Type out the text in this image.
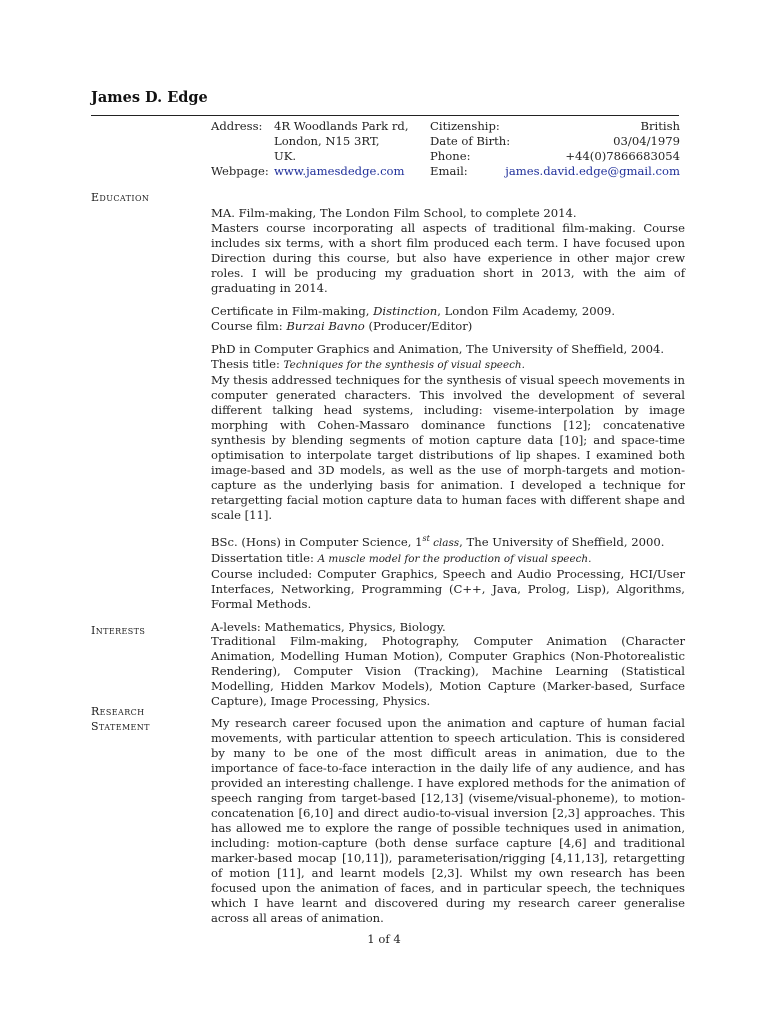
James D. Edge
Address:

Webpage:
4R Woodlands Park rd,
London, N15 3RT,
UK.
www.jamesdedge.com
Citizenship:
Date of Birth:
Phone:
Email:
British
03/04/1979
+44(0)7866683054
james.david.edge@gmail.com
Education

MA. Film-making, The London Film School, to complete 2014.

Masters course incorporating all aspects of traditional film-making. Course includes six terms, with a short film produced each term. I have focused upon Direction during this course, but also have experience in other major crew roles. I will be producing my graduation short in 2013, with the aim of graduating in 2014.

Certificate in Film-making, Distinction, London Film Academy, 2009.

Course film: Burzai Bavno (Producer/Editor)

PhD in Computer Graphics and Animation, The University of Sheffield, 2004.

Thesis title: Techniques for the synthesis of visual speech.

My thesis addressed techniques for the synthesis of visual speech movements in computer generated characters. This involved the development of several different talking head systems, including: viseme-interpolation by image morphing with Cohen-Massaro dominance functions [12]; concatenative synthesis by blending segments of motion capture data [10]; and space-time optimisation to interpolate target distributions of lip shapes. I examined both image-based and 3D models, as well as the use of morph-targets and motion-capture as the underlying basis for animation. I developed a technique for retargetting facial motion capture data to human faces with different shape and scale [11].

BSc. (Hons) in Computer Science, 1st class, The University of Sheffield, 2000.

Dissertation title: A muscle model for the production of visual speech.

Course included: Computer Graphics, Speech and Audio Processing, HCI/User Interfaces, Networking, Programming (C++, Java, Prolog, Lisp), Algorithms, Formal Methods.

A-levels: Mathematics, Physics, Biology.

Interests
Traditional Film-making, Photography, Computer Animation (Character Animation, Modelling Human Motion), Computer Graphics (Non-Photorealistic Rendering), Computer Vision (Tracking), Machine Learning (Statistical Modelling, Hidden Markov Models), Motion Capture (Marker-based, Surface Capture), Image Processing, Physics.
Research
Statement	My research career focused upon the animation and capture of human facial movements, with particular attention to speech articulation. This is considered by many to be one of the most difficult areas in animation, due to the importance of face-to-face interaction in the daily life of any audience, and has provided an interesting challenge. I have explored methods for the animation of speech ranging from target-based [12,13] (viseme/visual-phoneme), to motion-concatenation [6,10] and direct audio-to-visual inversion [2,3] approaches. This has allowed me to explore the range of possible techniques used in animation, including: motion-capture (both dense surface capture [4,6] and traditional marker-based mocap [10,11]), parameterisation/rigging [4,11,13], retargetting of motion [11], and learnt models [2,3]. Whilst my own research has been focused upon the animation of faces, and in particular speech, the techniques which I have learnt and discovered during my research career generalise across all areas of animation.
1 of 4
